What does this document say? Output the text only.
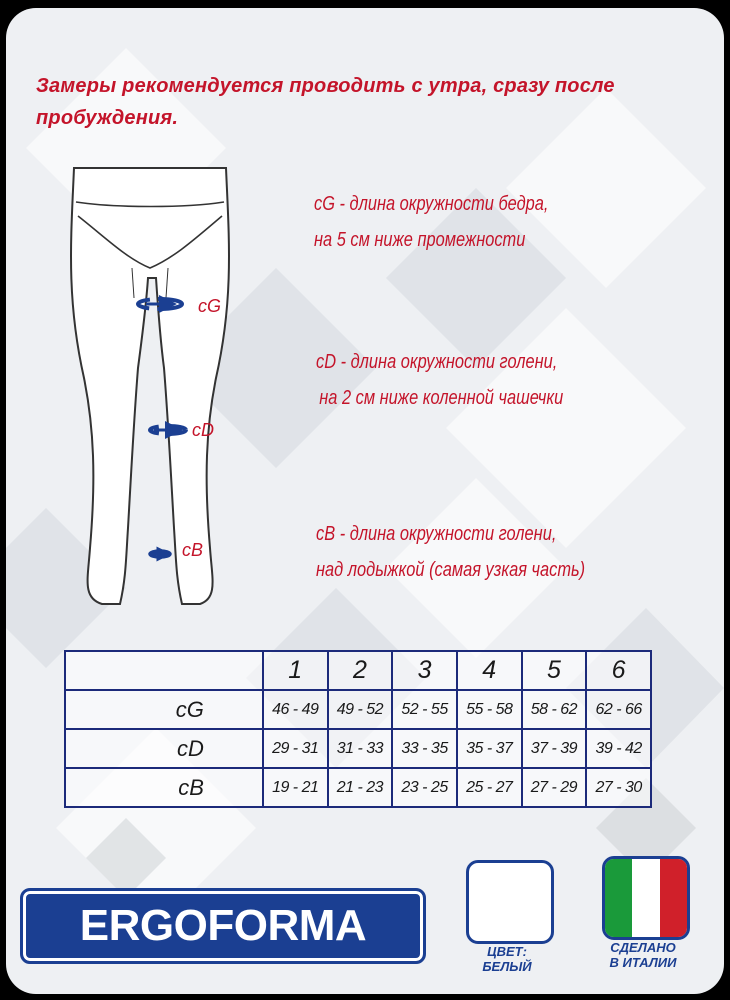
Замеры рекомендуется проводить с утра, сразу после пробуждения.
cG
cD
cB
cG - длина окружности бедра,
на 5 см ниже промежности
cD - длина окружности голени,
на 2 см ниже коленной чашечки
cB - длина окружности голени,
над лодыжкой (самая узкая часть)
	1	2	3	4	5	6
cG	46 - 49	49 - 52	52 - 55	55 - 58	58 - 62	62 - 66
cD	29 - 31	31 - 33	33 - 35	35 - 37	37 - 39	39 - 42
cB	19 - 21	21 - 23	23 - 25	25 - 27	27 - 29	27 - 30
ERGOFORMA
ЦВЕТ:
БЕЛЫЙ
СДЕЛАНО
В ИТАЛИИ
